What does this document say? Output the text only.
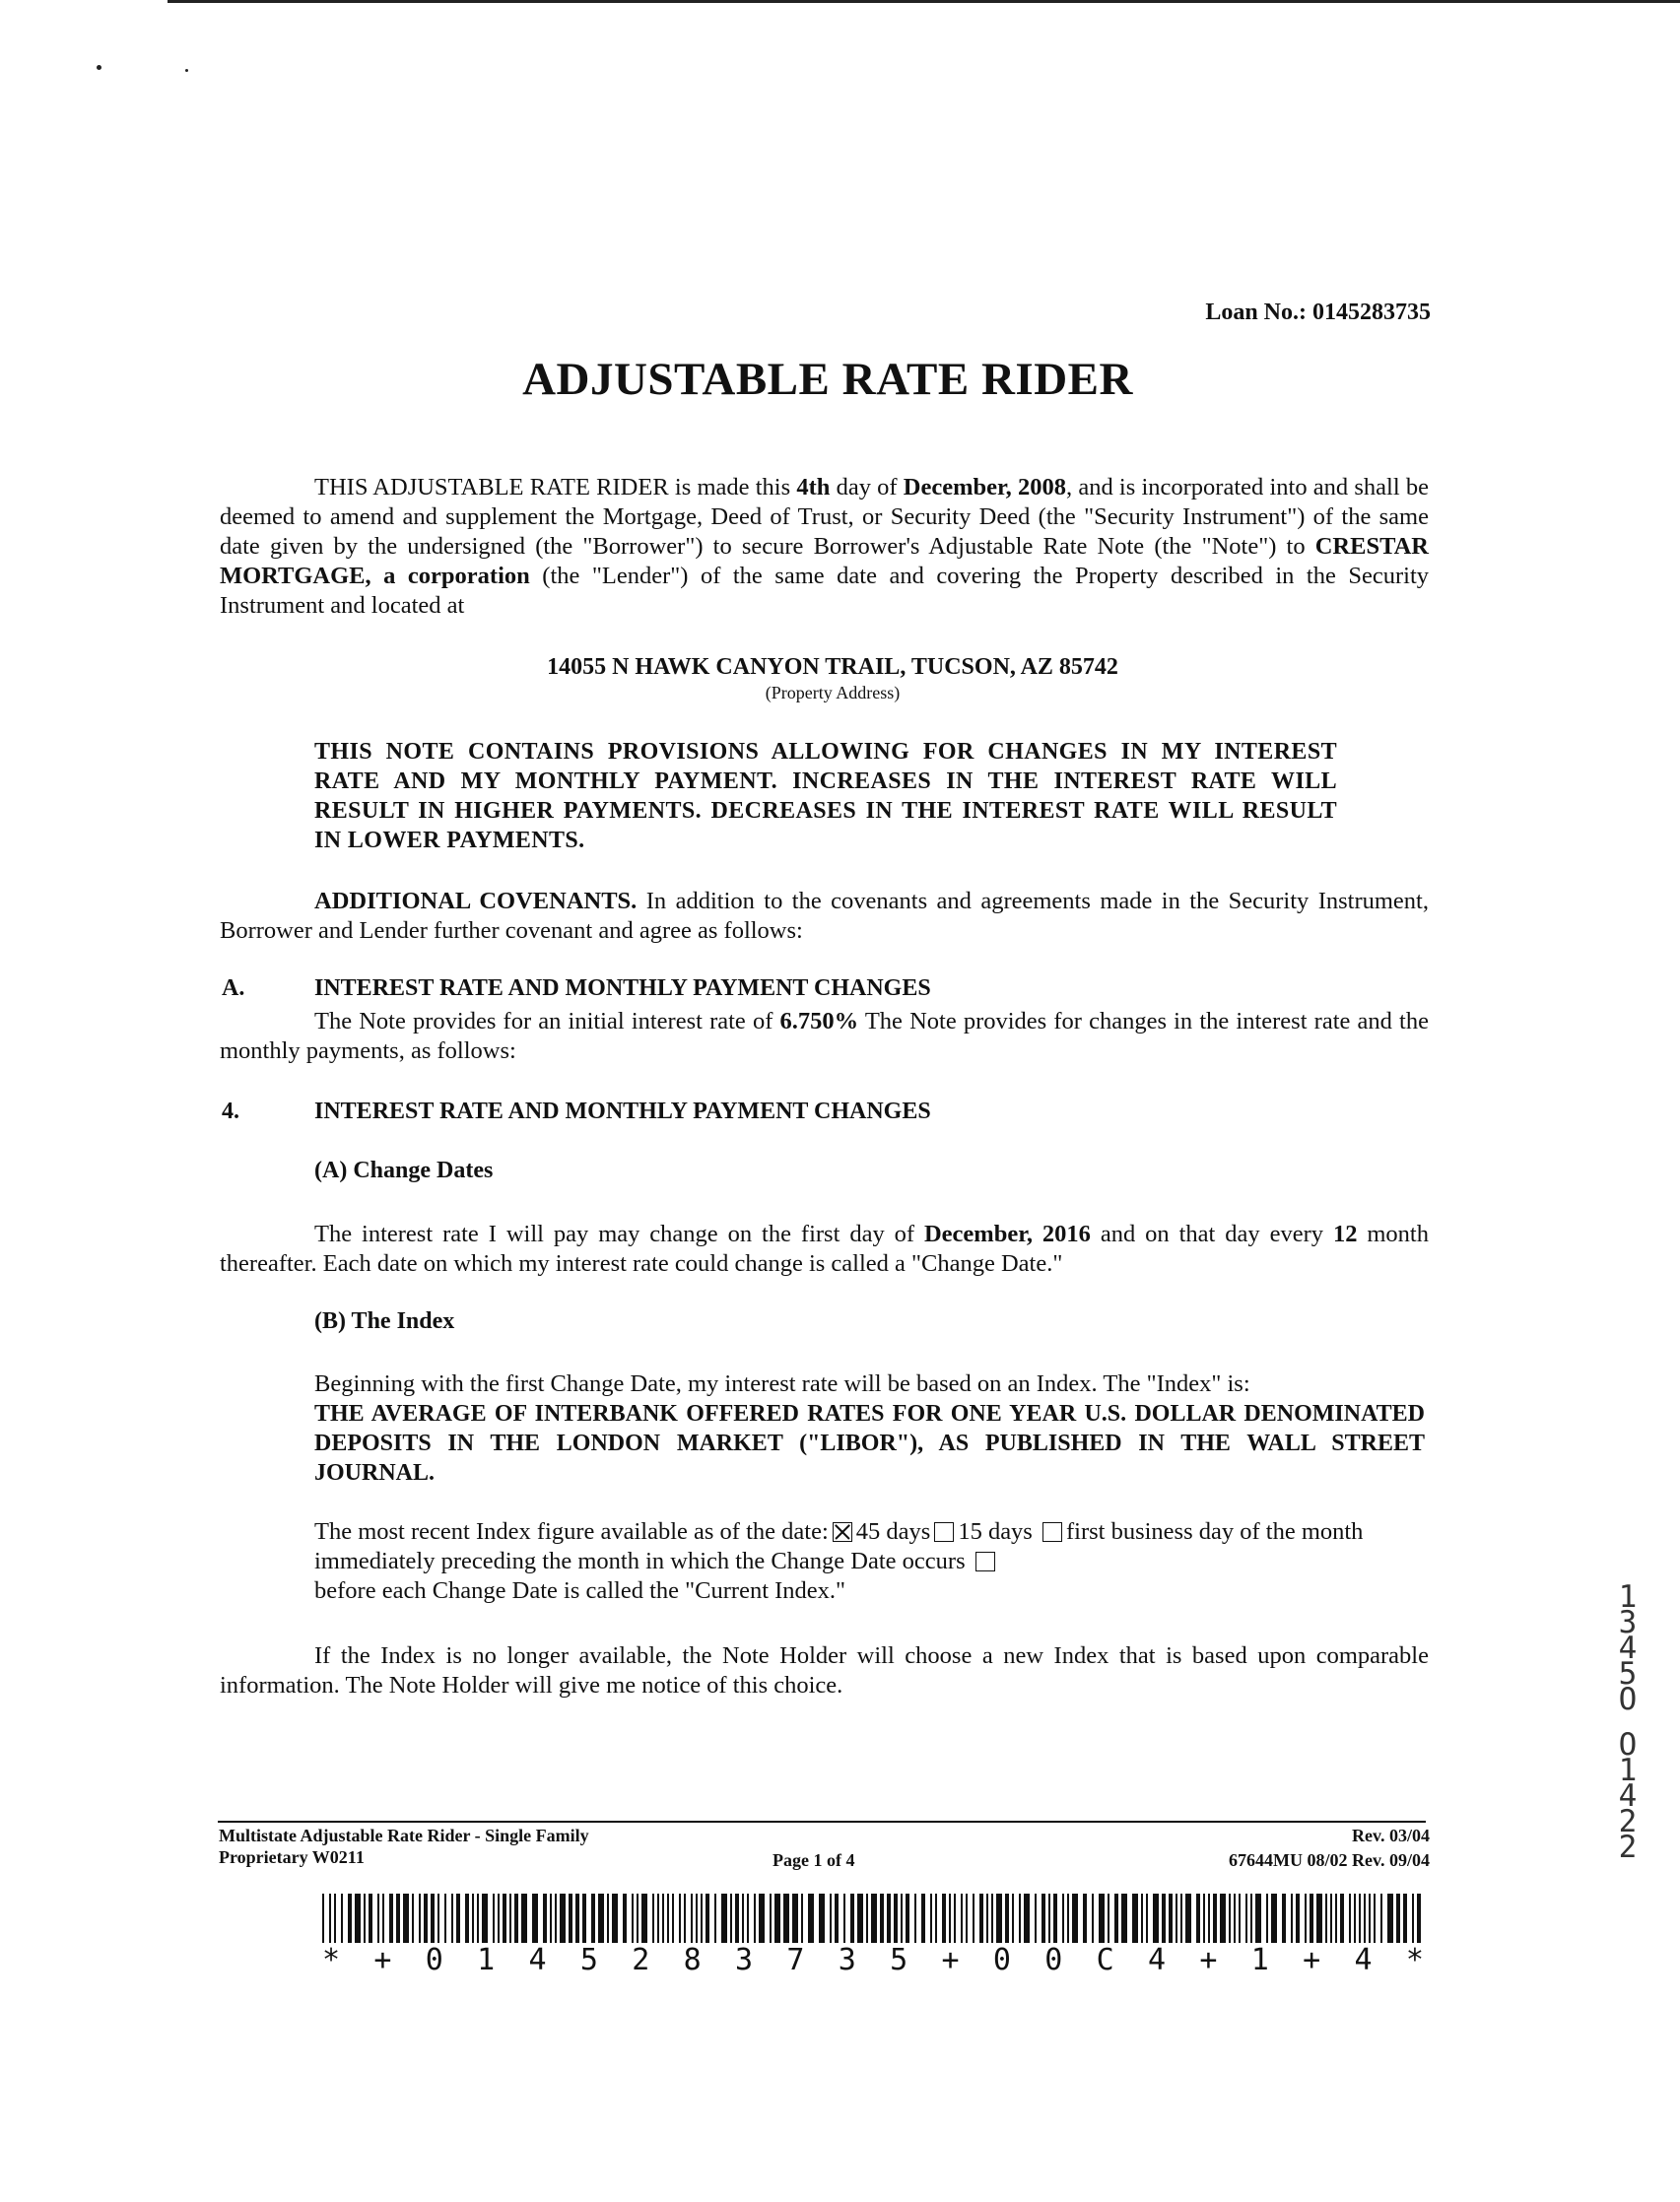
Loan No.: 0145283735
ADJUSTABLE RATE RIDER
THIS ADJUSTABLE RATE RIDER is made this 4th day of December, 2008, and is incorporated into and shall be deemed to amend and supplement the Mortgage, Deed of Trust, or Security Deed (the "Security Instrument") of the same date given by the undersigned (the "Borrower") to secure Borrower's Adjustable Rate Note (the "Note") to CRESTAR MORTGAGE, a corporation (the "Lender") of the same date and covering the Property described in the Security Instrument and located at
14055 N HAWK CANYON TRAIL, TUCSON, AZ 85742
(Property Address)
THIS NOTE CONTAINS PROVISIONS ALLOWING FOR CHANGES IN MY INTEREST RATE AND MY MONTHLY PAYMENT. INCREASES IN THE INTEREST RATE WILL RESULT IN HIGHER PAYMENTS. DECREASES IN THE INTEREST RATE WILL RESULT IN LOWER PAYMENTS.
ADDITIONAL COVENANTS. In addition to the covenants and agreements made in the Security Instrument, Borrower and Lender further covenant and agree as follows:
A.	INTEREST RATE AND MONTHLY PAYMENT CHANGES
The Note provides for an initial interest rate of 6.750% The Note provides for changes in the interest rate and the monthly payments, as follows:
4.	INTEREST RATE AND MONTHLY PAYMENT CHANGES
(A) Change Dates
The interest rate I will pay may change on the first day of December, 2016 and on that day every 12 month thereafter. Each date on which my interest rate could change is called a "Change Date."
(B) The Index
Beginning with the first Change Date, my interest rate will be based on an Index. The "Index" is:
THE AVERAGE OF INTERBANK OFFERED RATES FOR ONE YEAR U.S. DOLLAR DENOMINATED DEPOSITS IN THE LONDON MARKET ("LIBOR"), AS PUBLISHED IN THE WALL STREET JOURNAL.
The most recent Index figure available as of the date: 45 days 15 days first business day of the month immediately preceding the month in which the Change Date occurs
before each Change Date is called the "Current Index."
If the Index is no longer available, the Note Holder will choose a new Index that is based upon comparable information. The Note Holder will give me notice of this choice.
Multistate Adjustable Rate Rider - Single Family
Proprietary W0211	Page 1 of 4
Rev. 03/04
67644MU 08/02 Rev. 09/04
* + 0 1 4 5 2 8 3 7 3 5 + 0 0 C 4 + 1 + 4 *
1
3
4
5
O
O
1
4
2
2
